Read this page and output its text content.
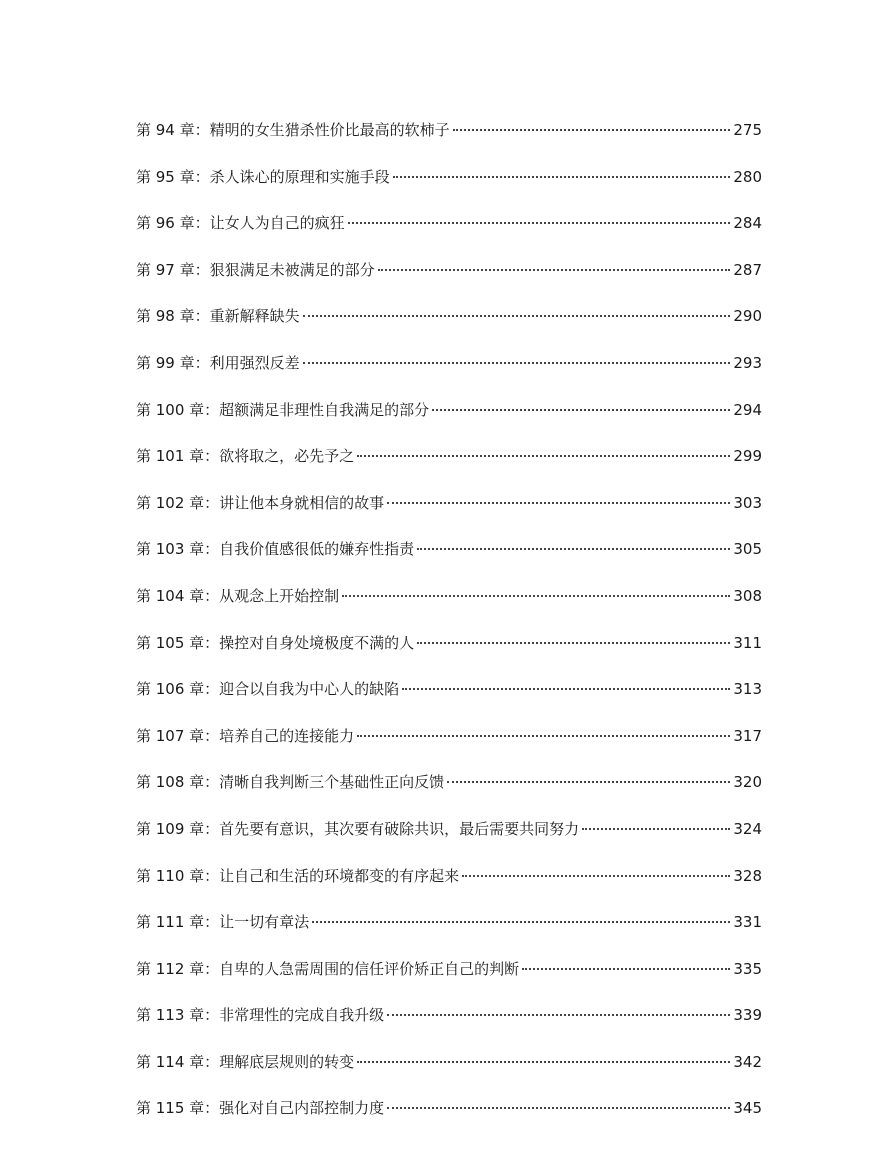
第 94 章： 精明的女生猎杀性价比最高的软柿子	275
第 95 章： 杀人诛心的原理和实施手段	280
第 96 章： 让女人为自己的疯狂	284
第 97 章： 狠狠满足未被满足的部分	287
第 98 章： 重新解释缺失	290
第 99 章： 利用强烈反差	293
第 100 章： 超额满足非理性自我满足的部分	294
第 101 章： 欲将取之，必先予之	299
第 102 章： 讲让他本身就相信的故事	303
第 103 章： 自我价值感很低的嫌弃性指责	305
第 104 章： 从观念上开始控制	308
第 105 章： 操控对自身处境极度不满的人	311
第 106 章： 迎合以自我为中心人的缺陷	313
第 107 章： 培养自己的连接能力	317
第 108 章： 清晰自我判断三个基础性正向反馈	320
第 109 章： 首先要有意识，其次要有破除共识，最后需要共同努力	324
第 110 章： 让自己和生活的环境都变的有序起来	328
第 111 章： 让一切有章法	331
第 112 章： 自卑的人急需周围的信任评价矫正自己的判断	335
第 113 章： 非常理性的完成自我升级	339
第 114 章： 理解底层规则的转变	342
第 115 章： 强化对自己内部控制力度	345
